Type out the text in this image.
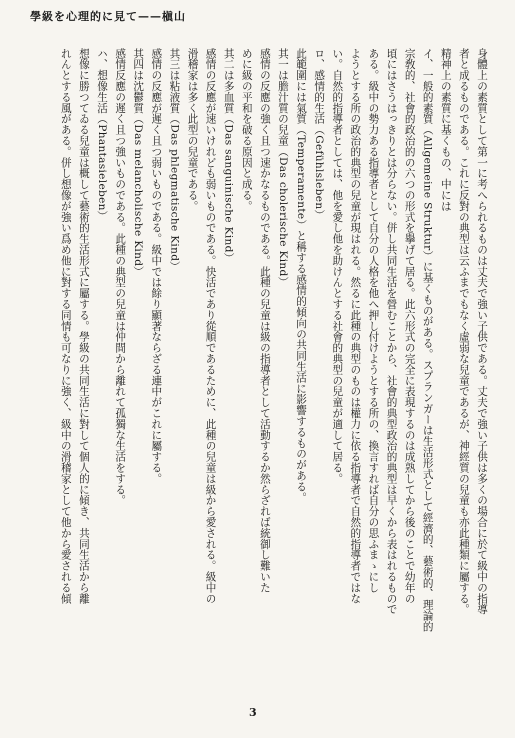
學級を心理的に見て——槇山
身體上の素質として第一に考へられるものは丈夫で強い子供である。丈夫で強い子供は多くの場合に於て級中の指導
者と成るものである。これに反對の典型は云ふまでもなく虛弱な兒童であるが、神經質の兒童も亦此種類に屬する。
精神上の素質に基くもの、中には
イ、一般的素質（Allgemeine Struktur）に基くものがある。スプランガーは生活形式として經濟的、藝術的、理論的
宗敎的、社會的政治的の六つの形式を擧げて居る。此六形式の完全に表現するのは成熟してから後のことで幼年の
頃にはさうはっきりとは分らない。併し共同生活を營むことから、社會的典型政治的典型は早くから表はれるもので
ある。級中の勢力ある指導者として自分の人格を他へ押し付けようとする所の、換言すれば自分の思ふまゝにし
ようとする所の政治的典型の兒童が現はれる。然るに此種の典型のものは權力に依る指導者で自然的指導者ではな
い。自然的指導者としては、他を愛し他を助けんとする社會的典型の兒童が適して居る。
ロ、感情的生活（Gefühlsleben）
此範圍には氣質（Temperamente）と稱する感情的傾向の共同生活に影響するものがある。
其一は膽汁質の兒童（Das cholerische Kind）
感情の反應の強く且つ速かなるものである。此種の兒童は級の指導者として活動するか然らざれば統御し難いた
めに級の平和を破る原因と成る。
其二は多血質（Das sanguinische Kind）
感情の反應が速いけれども弱いものである。快活であり從順であるために、此種の兒童は級から愛される。級中の
滑稽家は多く此型の兒童である。
其三は粘液質（Das phlegmatische Kind）
感情の反應が遲く且つ弱いものである。級中では餘り顯著ならざる連中がこれに屬する。
其四は沈鬱質（Das melancholische Kind）
感情反應の遲く且つ強いものである。此種の典型の兒童は仲間から離れて孤獨な生活をする。
ハ、想像生活（Phantasieleben）
想像に勝つてゐる兒童は概して藝術的生活形式に屬する。學級の共同生活に對して個人的に傾き、共同生活から離
れんとする風がある。併し想像が強い爲め他に對する同情も可なりに強く、級中の滑稽家として他から愛される傾
3
